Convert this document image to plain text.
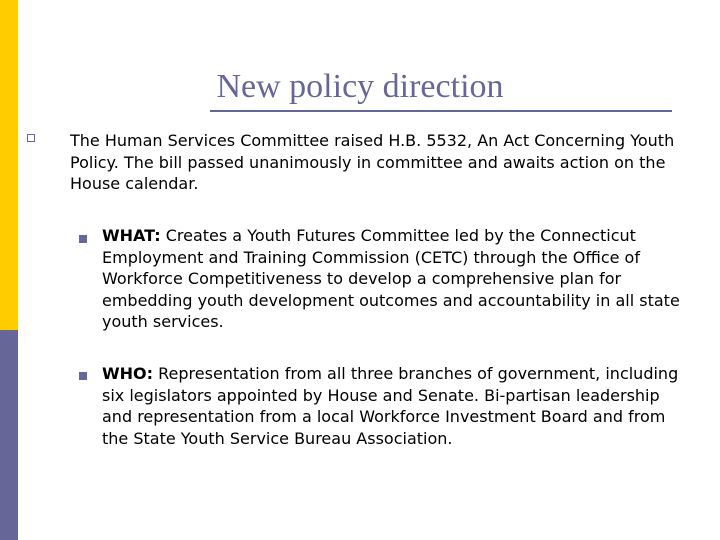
New policy direction

The Human Services Committee raised H.B. 5532, An Act Concerning Youth Policy. The bill passed unanimously in committee and awaits action on the House calendar.

WHAT: Creates a Youth Futures Committee led by the Connecticut Employment and Training Commission (CETC) through the Office of Workforce Competitiveness to develop a comprehensive plan for embedding youth development outcomes and accountability in all state youth services.

WHO: Representation from all three branches of government, including six legislators appointed by House and Senate. Bi-partisan leadership and representation from a local Workforce Investment Board and from the State Youth Service Bureau Association.
